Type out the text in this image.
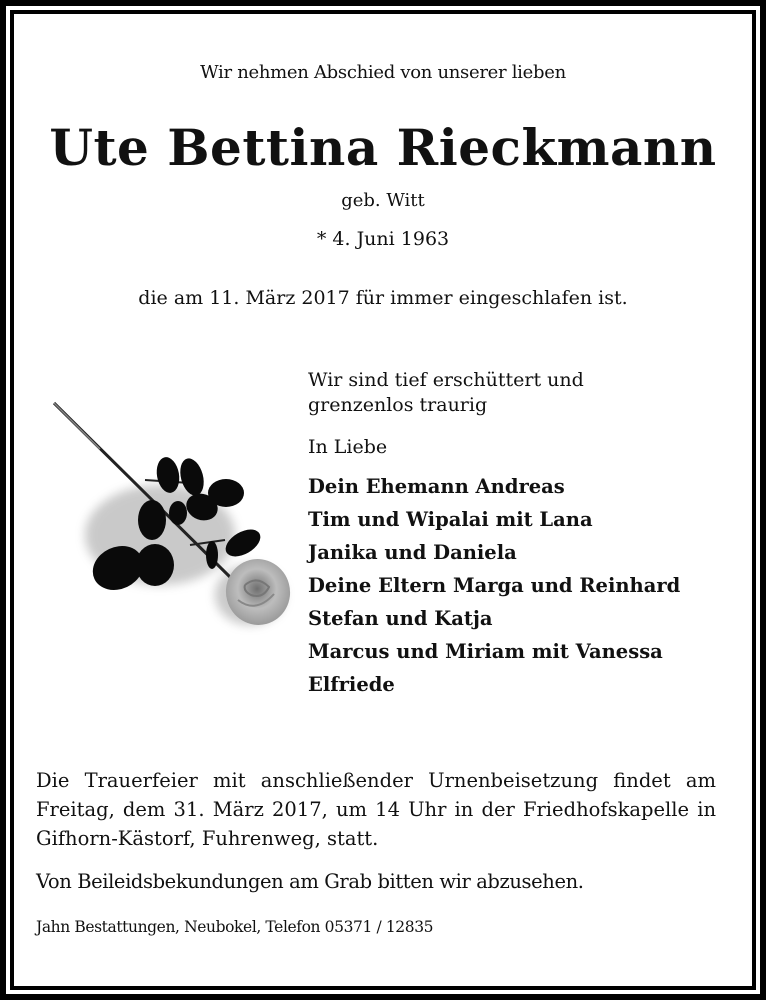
Wir nehmen Abschied von unserer lieben
Ute Bettina Rieckmann
geb. Witt
* 4. Juni 1963
die am 11. März 2017 für immer eingeschlafen ist.

Wir sind tief erschüttert und

grenzenlos traurig

In Liebe

Dein Ehemann Andreas

Tim und Wipalai mit Lana

Janika und Daniela

Deine Eltern Marga und Reinhard

Stefan und Katja

Marcus und Miriam mit Vanessa

Elfriede

Die Trauerfeier mit anschließender Urnenbeisetzung findet am Freitag, dem 31. März 2017, um 14 Uhr in der Friedhofskapelle in Gifhorn-Kästorf, Fuhrenweg, statt.
Von Beileidsbekundungen am Grab bitten wir abzusehen.
Jahn Bestattungen, Neubokel, Telefon 05371 / 12835
